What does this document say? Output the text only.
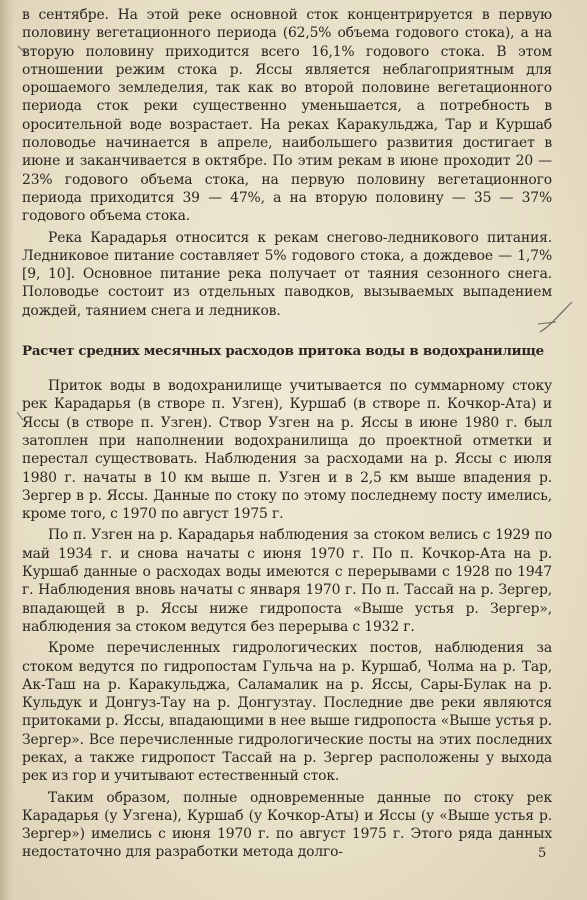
в сентябре. На этой реке основной сток концентрируется в первую половину вегетационного периода (62,5% объема годового стока), а на вторую половину приходится всего 16,1% годового стока. В этом отношении режим стока р. Яссы является неблагоприятным для орошаемого земледелия, так как во второй половине вегетационного периода сток реки существенно уменьшается, а потребность в оросительной воде возрастает. На реках Каракульджа, Тар и Куршаб половодье начинается в апреле, наибольшего развития достигает в июне и заканчивается в октябре. По этим рекам в июне проходит 20 — 23% годового объема стока, на первую половину вегетационного периода приходится 39 — 47%, а на вторую половину — 35 — 37% годового объема стока.

Река Карадарья относится к рекам снегово-ледникового питания. Ледниковое питание составляет 5% годового стока, а дождевое — 1,7% [9, 10]. Основное питание река получает от таяния сезонного снега. Половодье состоит из отдельных паводков, вызываемых выпадением дождей, таянием снега и ледников.

Расчет средних месячных расходов притока воды в водохранилище

Приток воды в водохранилище учитывается по суммарному стоку рек Карадарья (в створе п. Узген), Куршаб (в створе п. Кочкор-Ата) и Яссы (в створе п. Узген). Створ Узген на р. Яссы в июне 1980 г. был затоплен при наполнении водохранилища до проектной отметки и перестал существовать. Наблюдения за расходами на р. Яссы с июля 1980 г. начаты в 10 км выше п. Узген и в 2,5 км выше впадения р. Зергер в р. Яссы. Данные по стоку по этому последнему посту имелись, кроме того, с 1970 по август 1975 г.

По п. Узген на р. Карадарья наблюдения за стоком велись с 1929 по май 1934 г. и снова начаты с июня 1970 г. По п. Кочкор-Ата на р. Куршаб данные о расходах воды имеются с перерывами с 1928 по 1947 г. Наблюдения вновь начаты с января 1970 г. По п. Тассай на р. Зергер, впадающей в р. Яссы ниже гидропоста «Выше устья р. Зергер», наблюдения за стоком ведутся без перерыва с 1932 г.

Кроме перечисленных гидрологических постов, наблюдения за стоком ведутся по гидропостам Гульча на р. Куршаб, Чолма на р. Тар, Ак-Таш на р. Каракульджа, Саламалик на р. Яссы, Сары-Булак на р. Кульдук и Донгуз-Тау на р. Донгузтау. Последние две реки являются притоками р. Яссы, впадающими в нее выше гидропоста «Выше устья р. Зергер». Все перечисленные гидрологические посты на этих последних реках, а также гидропост Тассай на р. Зергер расположены у выхода рек из гор и учитывают естественный сток.

Таким образом, полные одновременные данные по стоку рек Карадарья (у Узгена), Куршаб (у Кочкор-Аты) и Яссы (у «Выше устья р. Зергер») имелись с июня 1970 г. по август 1975 г. Этого ряда данных недостаточно для разработки метода долго-	5
